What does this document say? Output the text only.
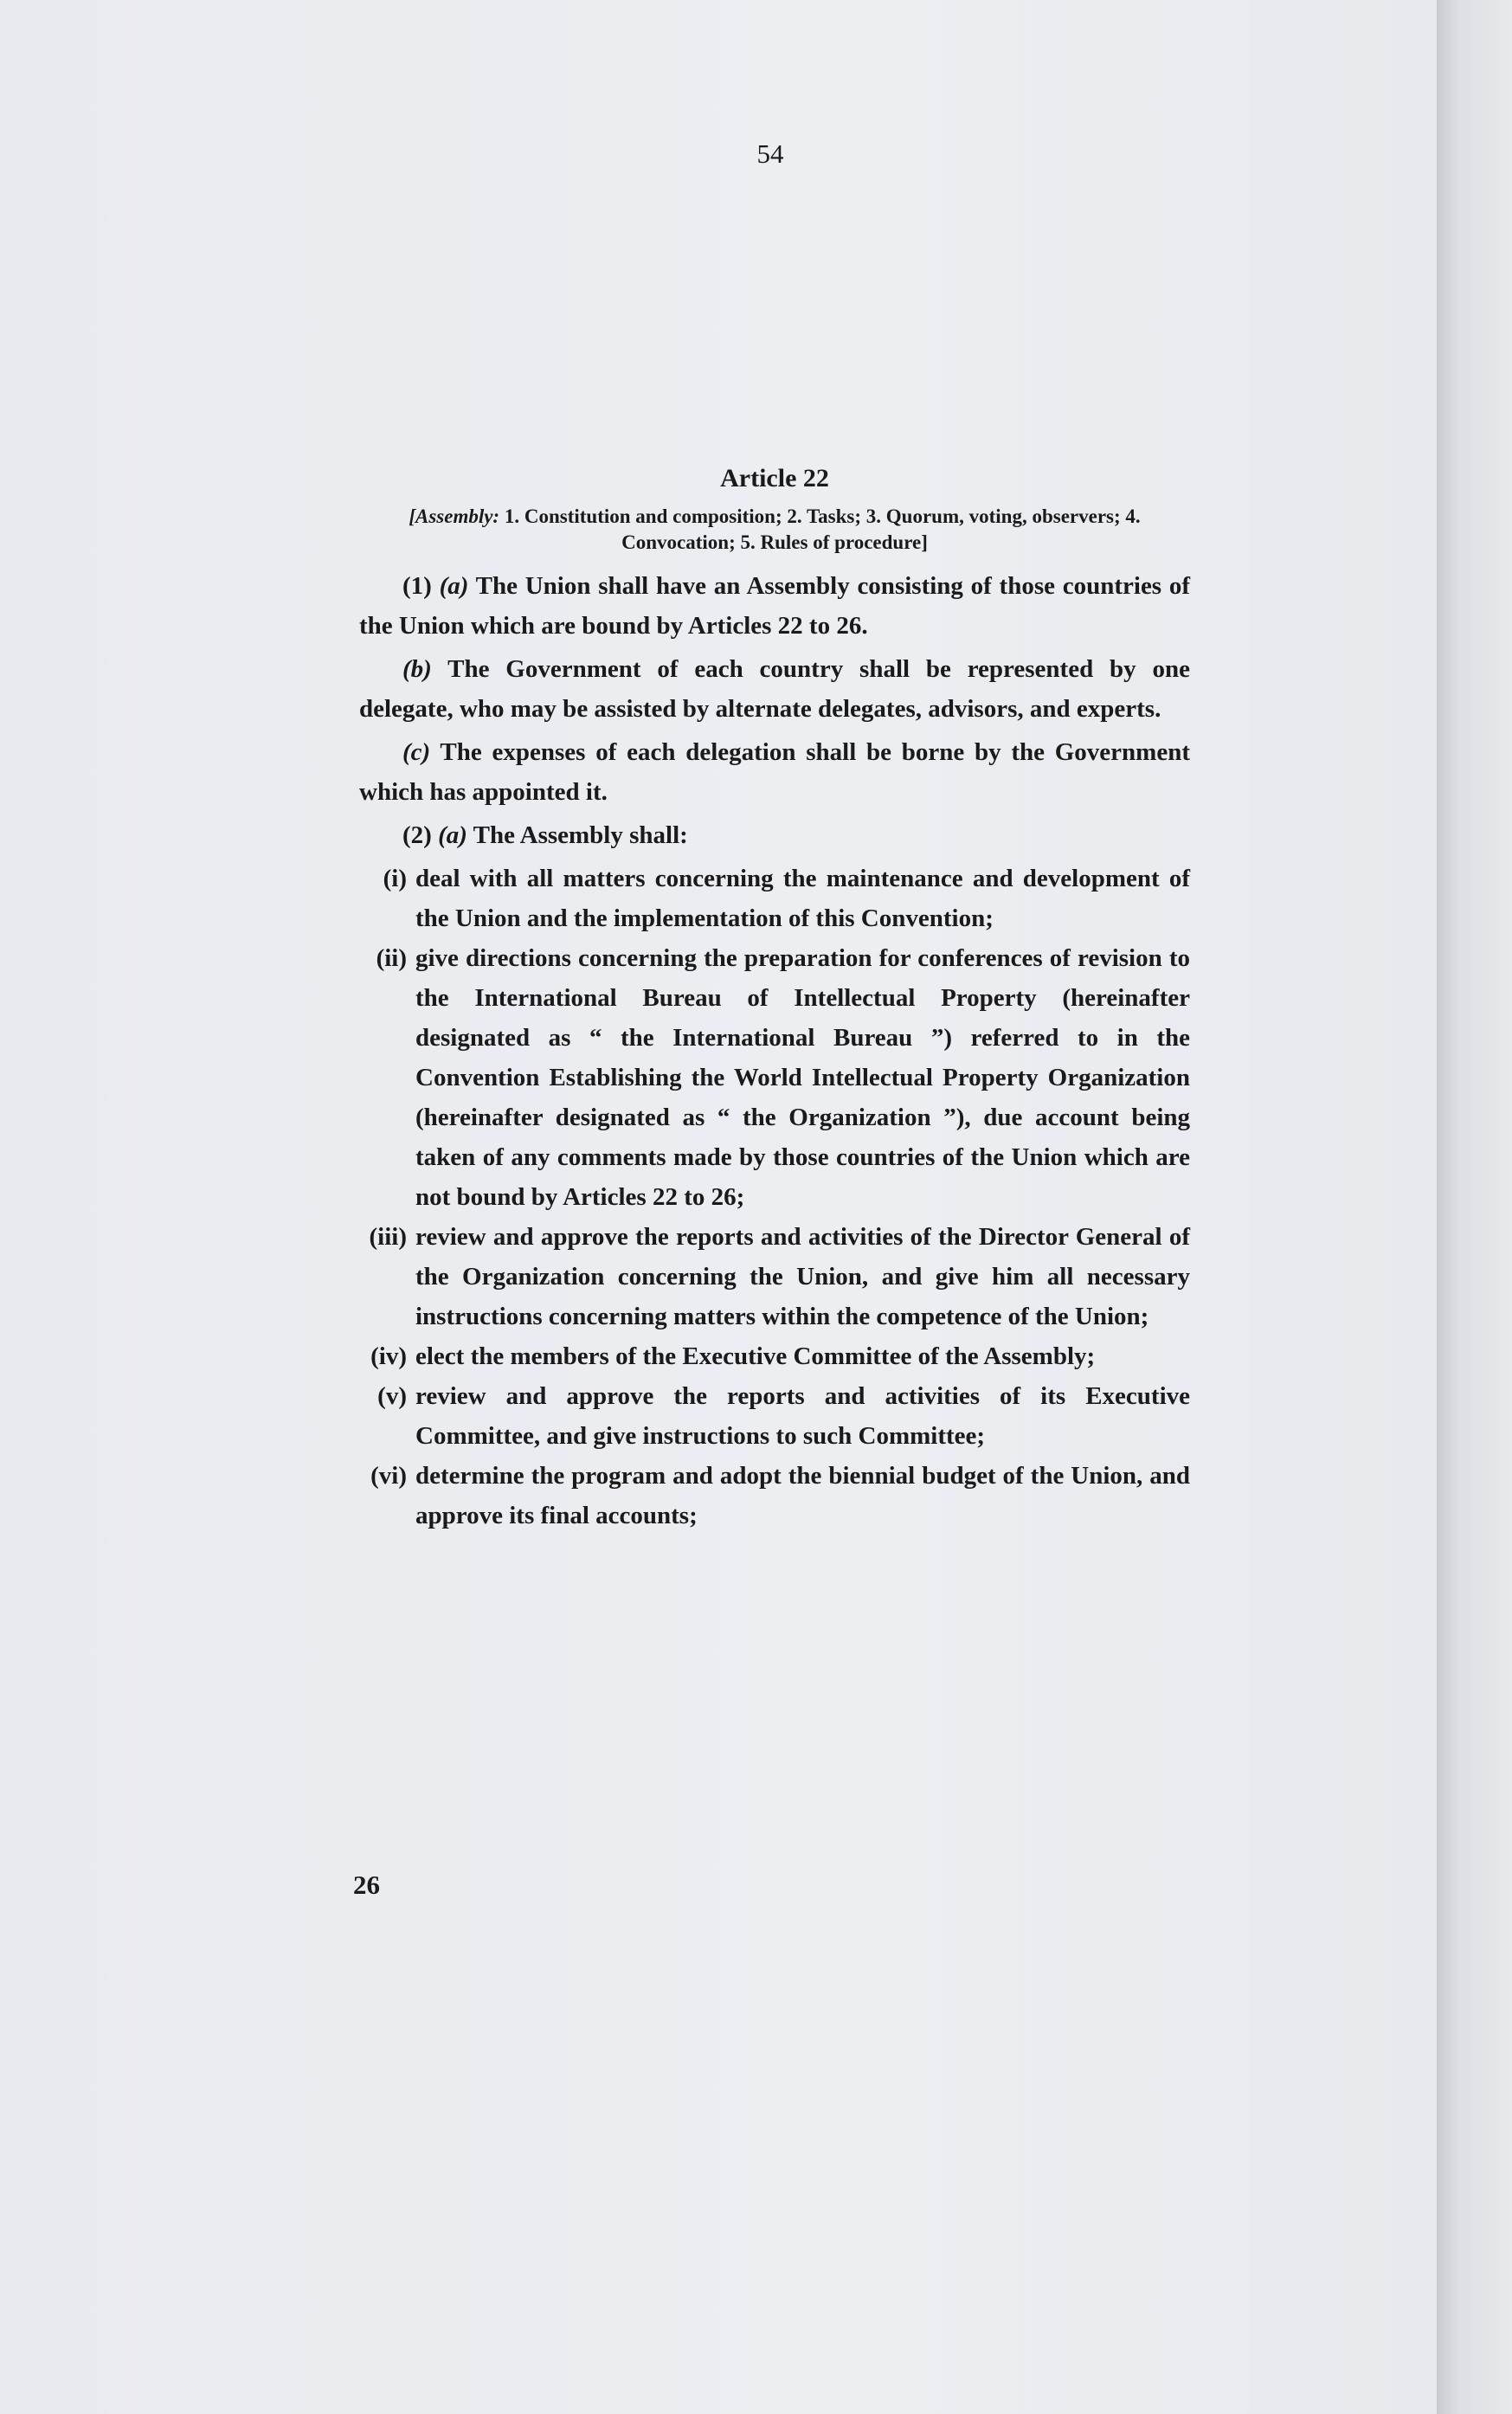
54
Article 22
[Assembly: 1. Constitution and composition; 2. Tasks; 3. Quorum, voting, observers; 4. Convocation; 5. Rules of procedure]

(1) (a) The Union shall have an Assembly consisting of those countries of the Union which are bound by Articles 22 to 26.

(b) The Government of each country shall be represented by one delegate, who may be assisted by alternate delegates, advisors, and experts.

(c) The expenses of each delegation shall be borne by the Government which has appointed it.

(2) (a) The Assembly shall:

(i) deal with all matters concerning the maintenance and development of the Union and the implementation of this Convention;
(ii) give directions concerning the preparation for conferences of revision to the International Bureau of Intellectual Property (hereinafter designated as “ the International Bureau ”) referred to in the Convention Establishing the World Intellectual Property Organization (hereinafter designated as “ the Organization ”), due account being taken of any comments made by those countries of the Union which are not bound by Articles 22 to 26;
(iii) review and approve the reports and activities of the Director General of the Organization concerning the Union, and give him all necessary instructions concerning matters within the competence of the Union;
(iv) elect the members of the Executive Committee of the Assembly;
(v) review and approve the reports and activities of its Executive Committee, and give instructions to such Committee;
(vi) determine the program and adopt the biennial budget of the Union, and approve its final accounts;
26
